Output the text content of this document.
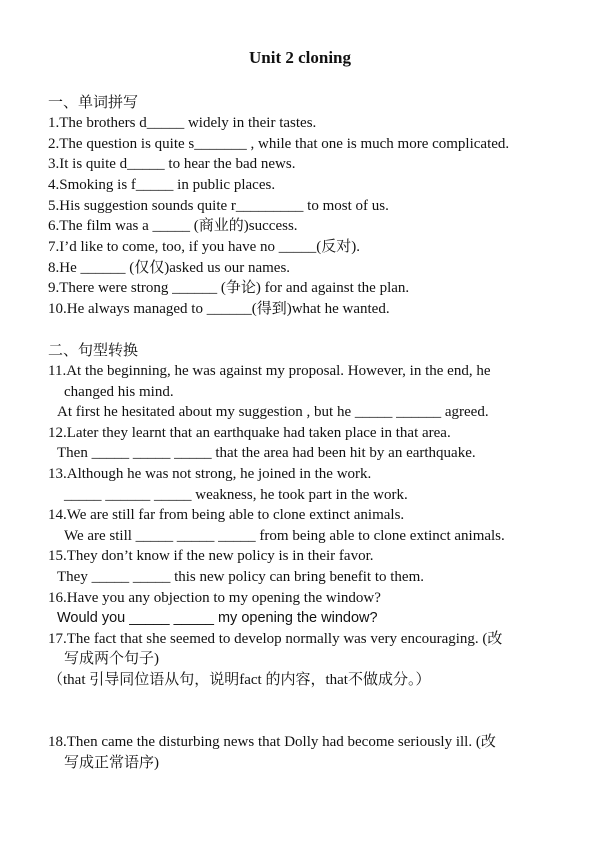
Unit 2 cloning
一、单词拼写
1.The brothers d_____ widely in their tastes.
2.The question is quite s_______ , while that one is much more complicated.
3.It is quite d_____ to hear the bad news.
4.Smoking is f_____ in public places.
5.His suggestion sounds quite r_________ to most of us.
6.The film was a _____ (商业的)success.
7.I’d like to come, too, if you have no _____(反对).
8.He ______ (仅仅)asked us our names.
9.There were strong ______ (争论) for and against the plan.
10.He always managed to ______(得到)what he wanted.
二、句型转换
11.At the beginning, he was against my proposal. However, in the end, he
changed his mind.
At first he hesitated about my suggestion , but he _____ ______ agreed.
12.Later they learnt that an earthquake had taken place in that area.
Then _____ _____ _____ that the area had been hit by an earthquake.
13.Although he was not strong, he joined in the work.
_____ ______ _____ weakness, he took part in the work.
14.We are still far from being able to clone extinct animals.
We are still _____ _____ _____ from being able to clone extinct animals.
15.They don’t know if the new policy is in their favor.
They _____ _____ this new policy can bring benefit to them.
16.Have you any objection to my opening the window?
Would you _____ _____ my opening the window?
17.The fact that she seemed to develop normally was very encouraging. (改
写成两个句子)
（that 引导同位语从句，说明fact 的内容，that不做成分。）
18.Then came the disturbing news that Dolly had become seriously ill. (改
写成正常语序)
